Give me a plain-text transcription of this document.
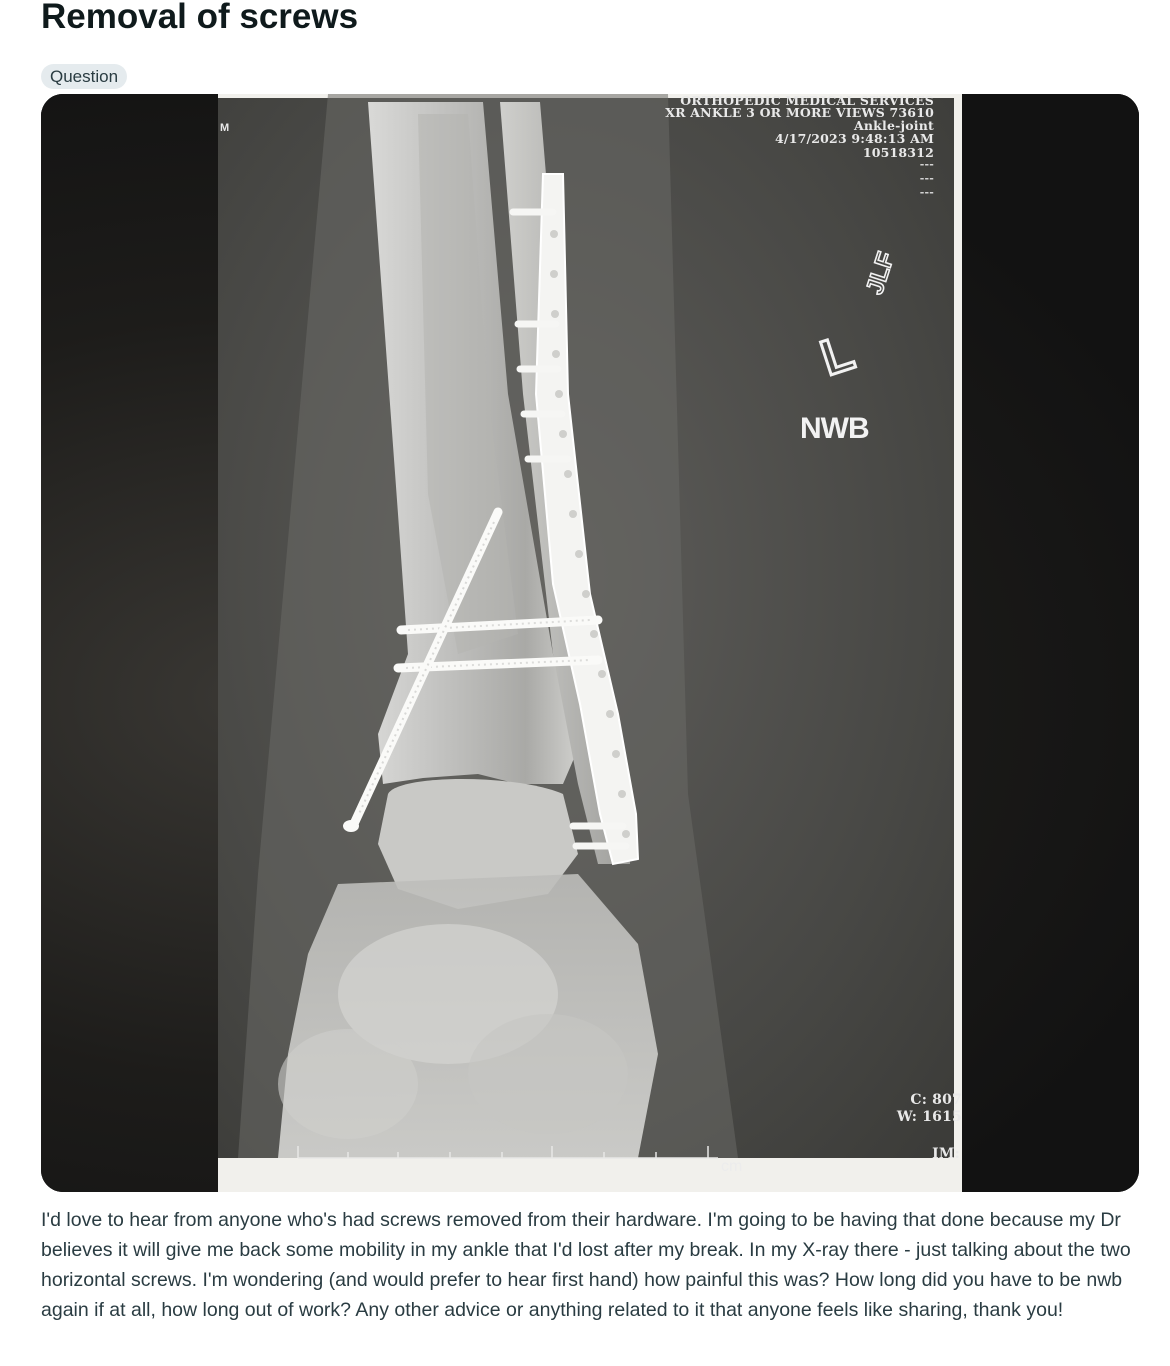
Removal of screws
Question
M
ORTHOPEDIC MEDICAL SERVICES
XR ANKLE 3 OR MORE VIEWS 73610
Ankle-joint
4/17/2023 9:48:13 AM
10518312
---
---
---
JLF
L
NWB
C: 807
W: 1615
IM:
cm

I'd love to hear from anyone who's had screws removed from their hardware. I'm going to be having that done because my Dr believes it will give me back some mobility in my ankle that I'd lost after my break. In my X-ray there - just talking about the two horizontal screws. I'm wondering (and would prefer to hear first hand) how painful this was? How long did you have to be nwb again if at all, how long out of work? Any other advice or anything related to it that anyone feels like sharing, thank you!
